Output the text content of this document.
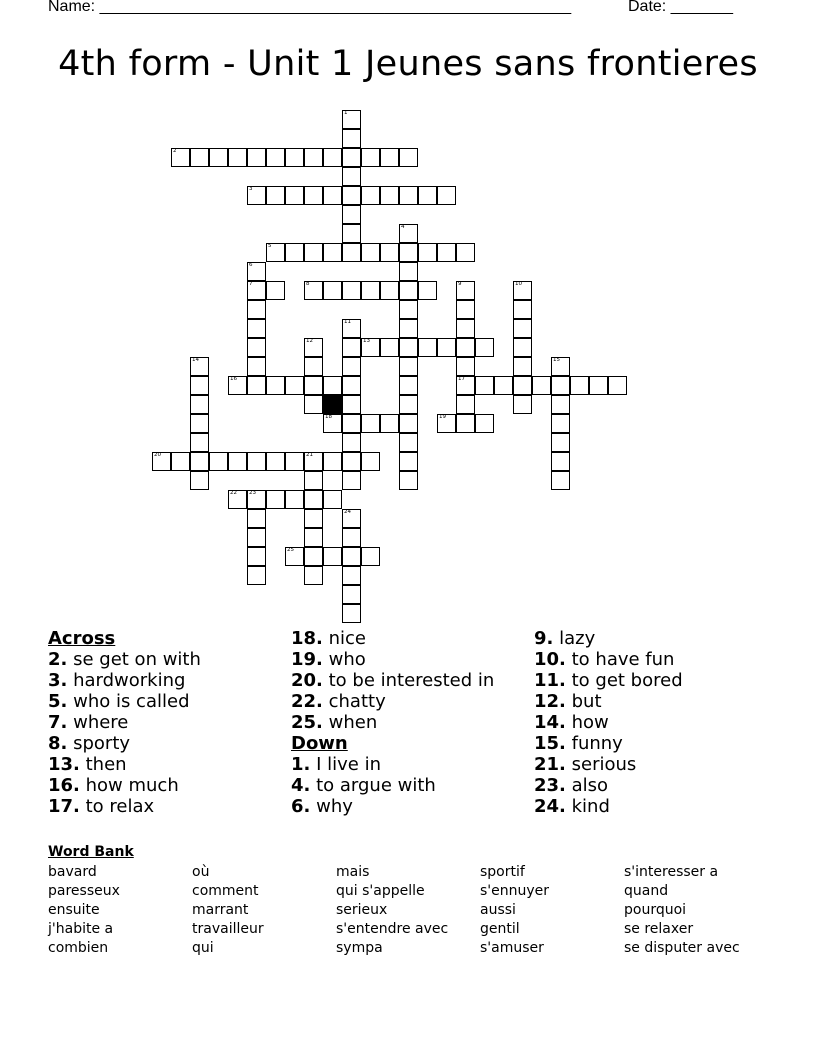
Name: _____________________________________________________	Date: _______
4th form - Unit 1 Jeunes sans frontieres
2
3
5
7	8
13
16	17
18	19
20	21
22 23
25
1
4
6
9	10
11
12
14	15
24
Across
2. se get on with
3. hardworking
5. who is called
7. where
8. sporty
13. then
16. how much
17. to relax
18. nice
19. who
20. to be interested in
22. chatty
25. when
Down
1. I live in
4. to argue with
6. why
9. lazy
10. to have fun
11. to get bored
12. but
14. how
15. funny
21. serious
23. also
24. kind
Word Bank
bavard
paresseux
ensuite
j'habite a
combien
où
comment
marrant
travailleur
qui
mais
qui s'appelle
serieux
s'entendre avec
sympa
sportif
s'ennuyer
aussi
gentil
s'amuser
s'interesser a
quand
pourquoi
se relaxer
se disputer avec
